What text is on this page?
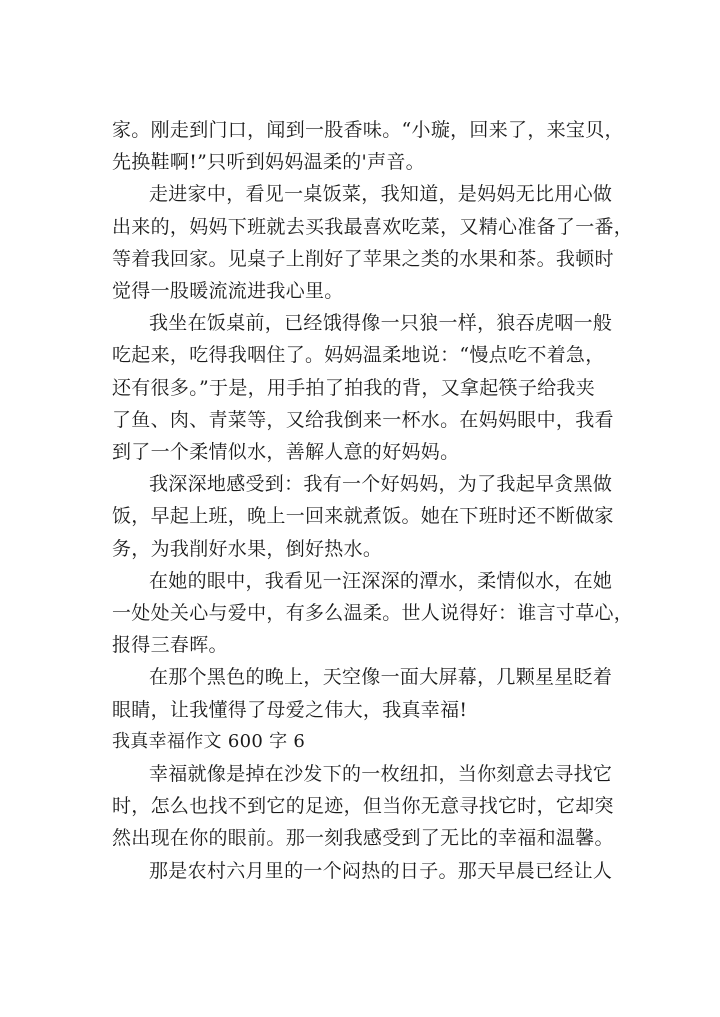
家。刚走到门口，闻到一股香味。“小璇，回来了，来宝贝，
先换鞋啊!”只听到妈妈温柔的'声音。

走进家中，看见一桌饭菜，我知道，是妈妈无比用心做
出来的，妈妈下班就去买我最喜欢吃菜，又精心准备了一番，
等着我回家。见桌子上削好了苹果之类的水果和茶。我顿时
觉得一股暖流流进我心里。

我坐在饭桌前，已经饿得像一只狼一样，狼吞虎咽一般
吃起来，吃得我咽住了。妈妈温柔地说：“慢点吃不着急，
还有很多。”于是，用手拍了拍我的背，又拿起筷子给我夹
了鱼、肉、青菜等，又给我倒来一杯水。在妈妈眼中，我看
到了一个柔情似水，善解人意的好妈妈。

我深深地感受到：我有一个好妈妈，为了我起早贪黑做
饭，早起上班，晚上一回来就煮饭。她在下班时还不断做家
务，为我削好水果，倒好热水。

在她的眼中，我看见一汪深深的潭水，柔情似水，在她
一处处关心与爱中，有多么温柔。世人说得好：谁言寸草心，
报得三春晖。

在那个黑色的晚上，天空像一面大屏幕，几颗星星眨着
眼睛，让我懂得了母爱之伟大，我真幸福!

我真幸福作文 600 字 6

幸福就像是掉在沙发下的一枚纽扣，当你刻意去寻找它
时，怎么也找不到它的足迹，但当你无意寻找它时，它却突
然出现在你的眼前。那一刻我感受到了无比的幸福和温馨。

那是农村六月里的一个闷热的日子。那天早晨已经让人
